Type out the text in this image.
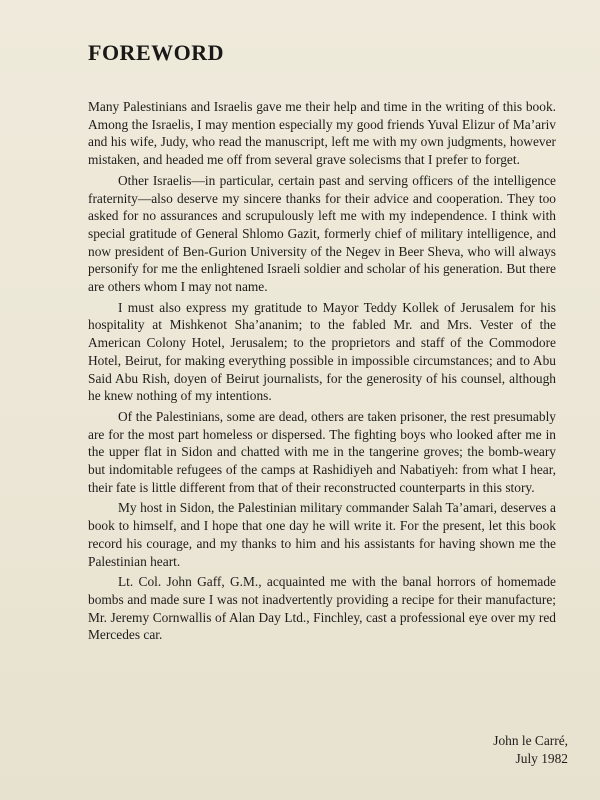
FOREWORD

Many Palestinians and Israelis gave me their help and time in the writing of this book. Among the Israelis, I may mention especially my good friends Yuval Elizur of Ma’ariv and his wife, Judy, who read the manuscript, left me with my own judgments, however mistaken, and headed me off from several grave solecisms that I prefer to forget.

Other Israelis—in particular, certain past and serving officers of the intelligence fraternity—also deserve my sincere thanks for their advice and cooperation. They too asked for no assurances and scrupulously left me with my independence. I think with special gratitude of General Shlomo Gazit, formerly chief of military intelligence, and now president of Ben-Gurion University of the Negev in Beer Sheva, who will always personify for me the enlightened Israeli soldier and scholar of his generation. But there are others whom I may not name.

I must also express my gratitude to Mayor Teddy Kollek of Jerusalem for his hospitality at Mishkenot Sha’ananim; to the fabled Mr. and Mrs. Vester of the American Colony Hotel, Jerusalem; to the proprietors and staff of the Commodore Hotel, Beirut, for making everything possible in impossible circumstances; and to Abu Said Abu Rish, doyen of Beirut journalists, for the generosity of his counsel, although he knew nothing of my intentions.

Of the Palestinians, some are dead, others are taken prisoner, the rest presumably are for the most part homeless or dispersed. The fighting boys who looked after me in the upper flat in Sidon and chatted with me in the tangerine groves; the bomb-weary but indomitable refugees of the camps at Rashidiyeh and Nabatiyeh: from what I hear, their fate is little different from that of their reconstructed counterparts in this story.

My host in Sidon, the Palestinian military commander Salah Ta’amari, deserves a book to himself, and I hope that one day he will write it. For the present, let this book record his courage, and my thanks to him and his assistants for having shown me the Palestinian heart.

Lt. Col. John Gaff, G.M., acquainted me with the banal horrors of homemade bombs and made sure I was not inadvertently providing a recipe for their manufacture; Mr. Jeremy Cornwallis of Alan Day Ltd., Finchley, cast a professional eye over my red Mercedes car.

John le Carré,
July 1982
